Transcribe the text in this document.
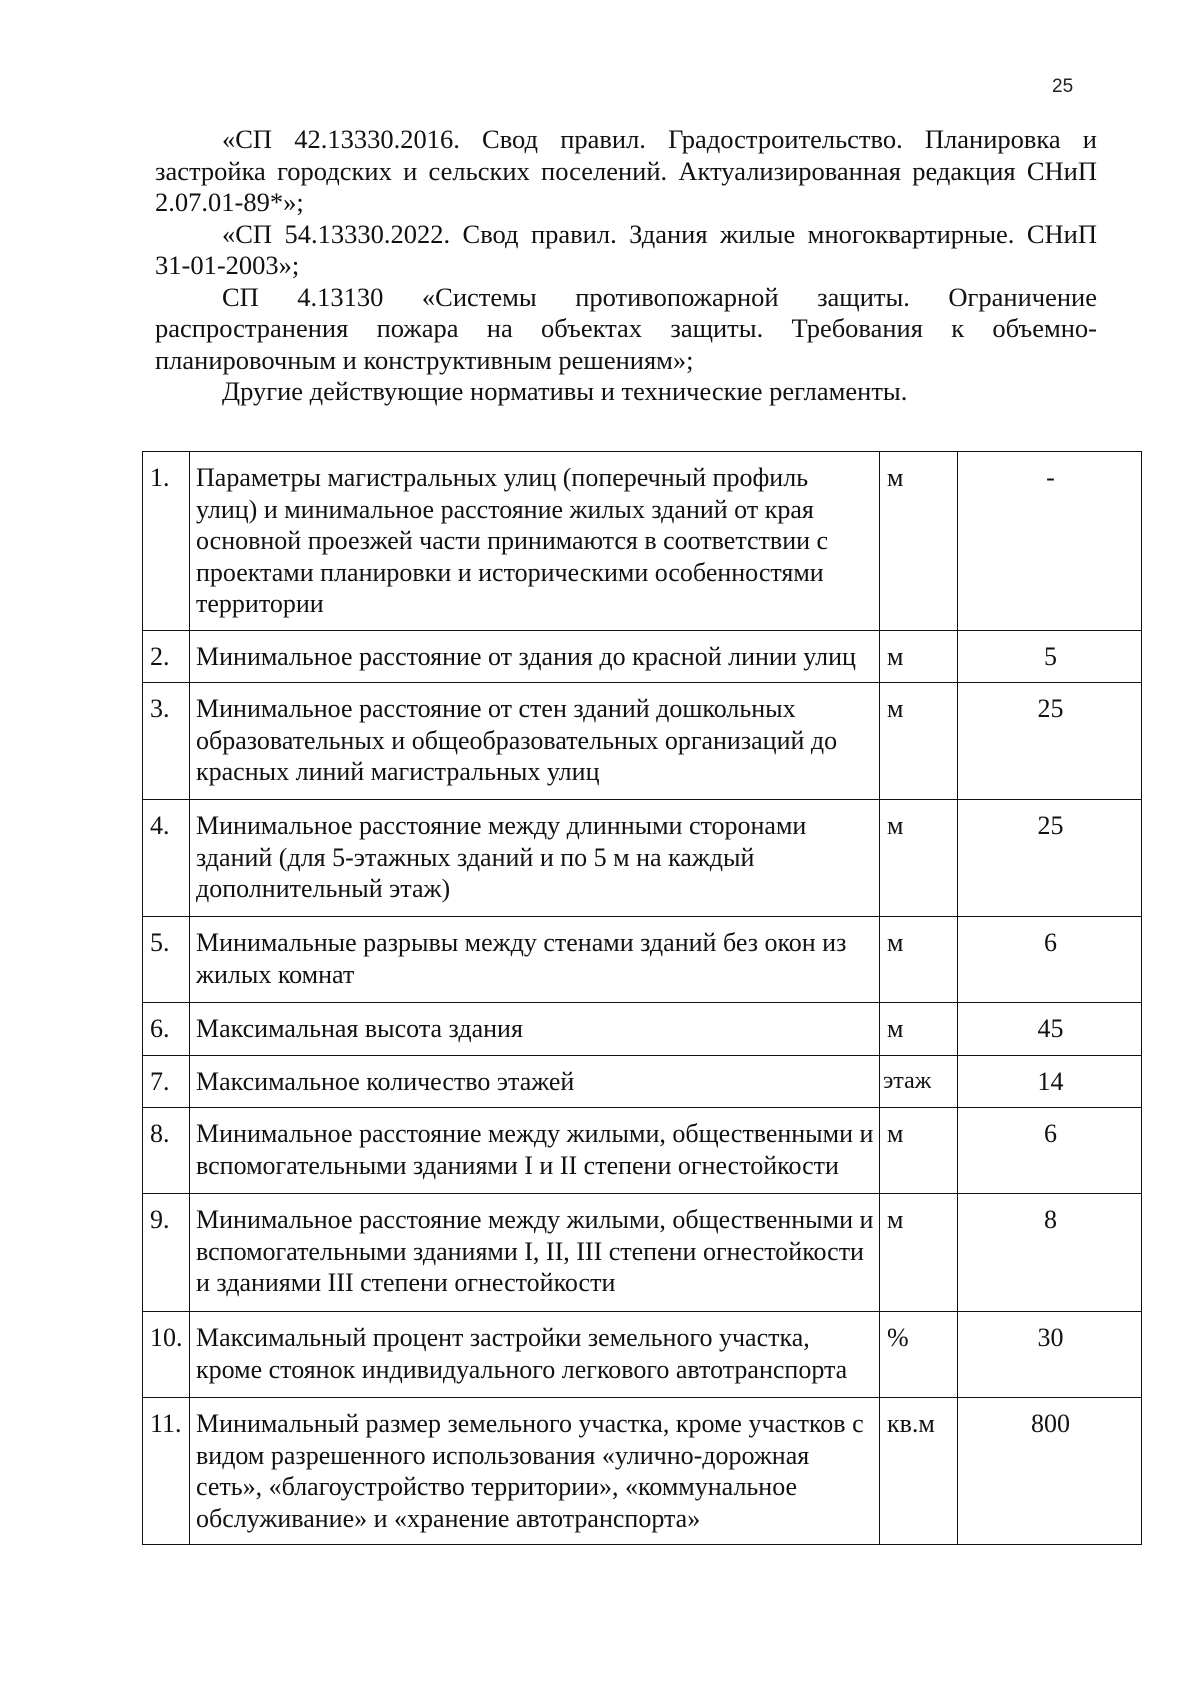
25

«СП 42.13330.2016. Свод правил. Градостроительство. Планировка и застройка городских и сельских поселений. Актуализированная редакция СНиП 2.07.01-89*»;

«СП 54.13330.2022. Свод правил. Здания жилые многоквартирные. СНиП 31-01-2003»;

СП 4.13130 «Системы противопожарной защиты. Ограничение распространения пожара на объектах защиты. Требования к объемно-планировочным и конструктивным решениям»;

Другие действующие нормативы и технические регламенты.

1.	Параметры магистральных улиц (поперечный профиль улиц) и минимальное расстояние жилых зданий от края основной проезжей части принимаются в соответствии с проектами планировки и историческими особенностями территории	м	-
2.	Минимальное расстояние от здания до красной линии улиц	м	5
3.	Минимальное расстояние от стен зданий дошкольных образовательных и общеобразовательных организаций до красных линий магистральных улиц	м	25
4.	Минимальное расстояние между длинными сторонами зданий (для 5-этажных зданий и по 5 м на каждый дополнительный этаж)	м	25
5.	Минимальные разрывы между стенами зданий без окон из жилых комнат	м	6
6.	Максимальная высота здания	м	45
7.	Максимальное количество этажей	этаж	14
8.	Минимальное расстояние между жилыми, общественными и вспомогательными зданиями I и II степени огнестойкости	м	6
9.	Минимальное расстояние между жилыми, общественными и вспомогательными зданиями I, II, III степени огнестойкости и зданиями III степени огнестойкости	м	8
10.	Максимальный процент застройки земельного участка, кроме стоянок индивидуального легкового автотранспорта	%	30
11.	Минимальный размер земельного участка, кроме участков с видом разрешенного использования «улично-дорожная сеть», «благоустройство территории», «коммунальное обслуживание» и «хранение автотранспорта»	кв.м	800
